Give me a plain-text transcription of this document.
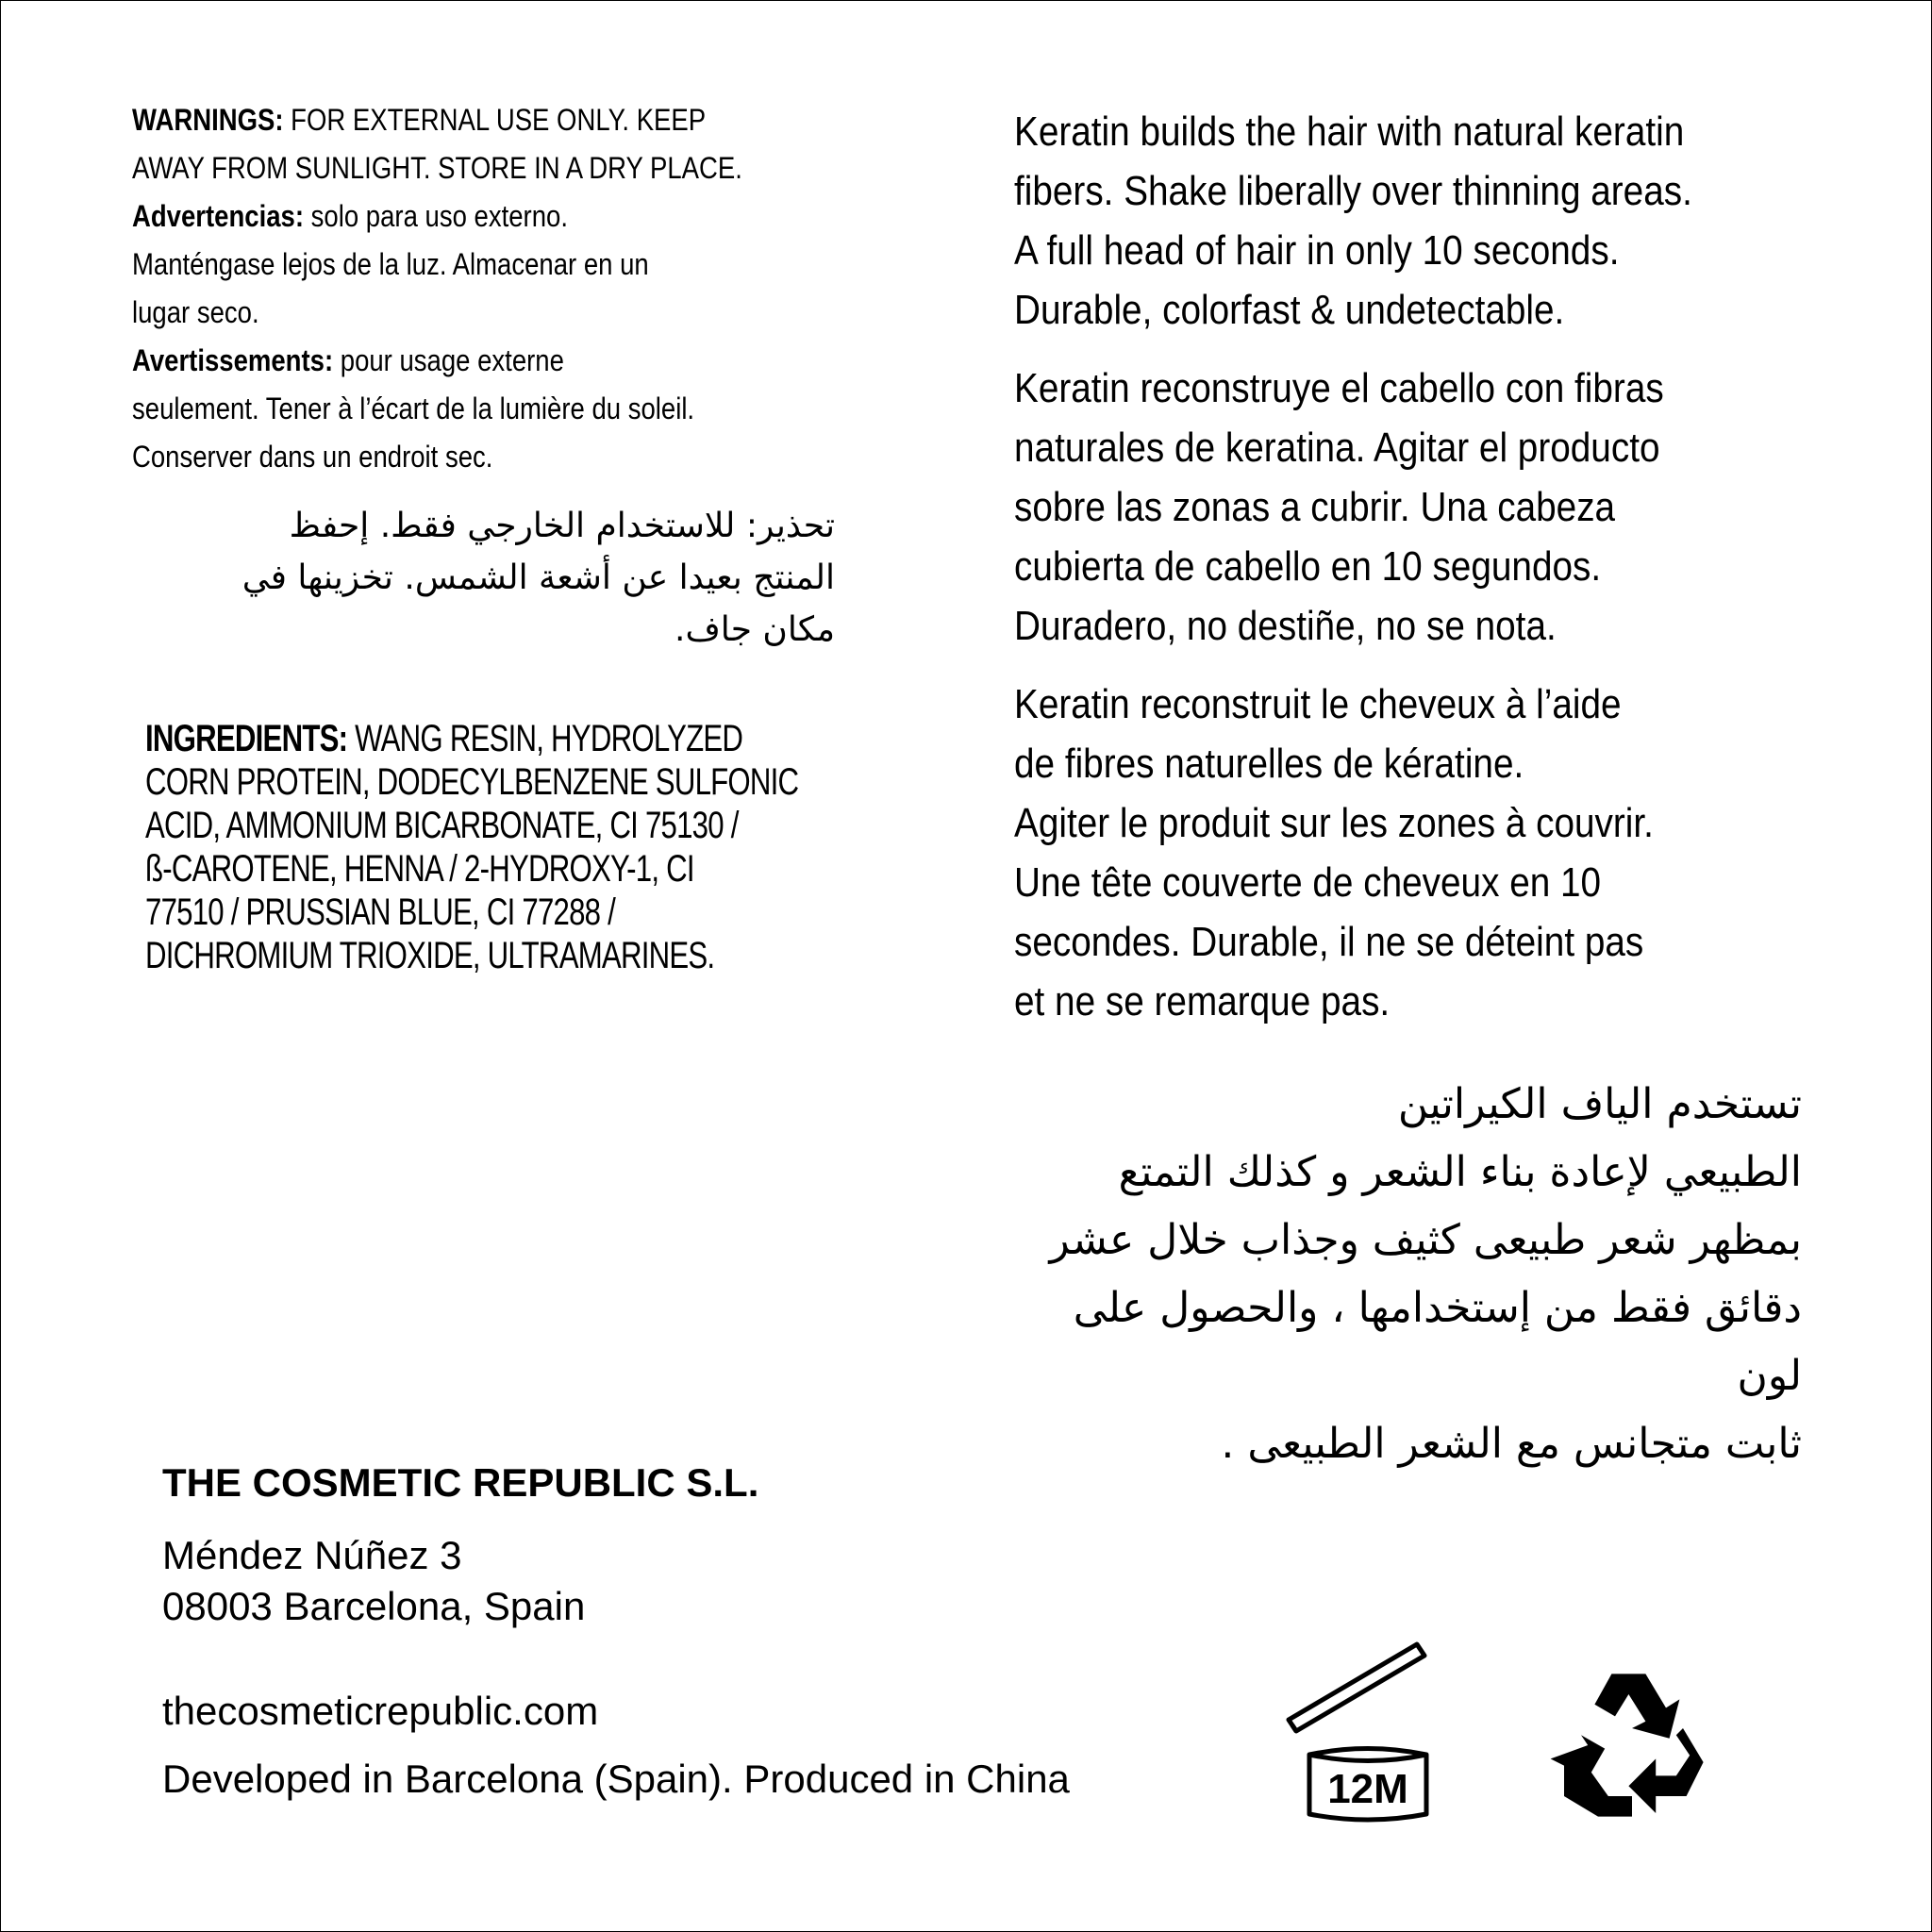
WARNINGS: FOR EXTERNAL USE ONLY. KEEP

AWAY FROM SUNLIGHT. STORE IN A DRY PLACE.

Advertencias: solo para uso externo.

Manténgase lejos de la luz. Almacenar en un

lugar seco.

Avertissements: pour usage externe

seulement. Tener à l’écart de la lumière du soleil.

Conserver dans un endroit sec.

تحذير: للاستخدام الخارجي فقط. إحفظ
المنتج بعيدا عن أشعة الشمس. تخزينها في
مكان جاف.
INGREDIENTS: WANG RESIN, HYDROLYZED
CORN PROTEIN, DODECYLBENZENE SULFONIC
ACID, AMMONIUM BICARBONATE, CI 75130 /
ß-CAROTENE, HENNA / 2-HYDROXY-1, CI
77510 / PRUSSIAN BLUE, CI 77288 /
DICHROMIUM TRIOXIDE, ULTRAMARINES.

Keratin builds the hair with natural keratin
fibers. Shake liberally over thinning areas.
A full head of hair in only 10 seconds.
Durable, colorfast & undetectable.

Keratin reconstruye el cabello con fibras
naturales de keratina. Agitar el producto
sobre las zonas a cubrir. Una cabeza
cubierta de cabello en 10 segundos.
Duradero, no destiñe, no se nota.

Keratin reconstruit le cheveux à l’aide
de fibres naturelles de kératine.
Agiter le produit sur les zones à couvrir.
Une tête couverte de cheveux en 10
secondes. Durable, il ne se déteint pas
et ne se remarque pas.

تستخدم الياف الكيراتين
الطبيعي لإعادة بناء الشعر و كذلك التمتع
بمظهر شعر طبيعى كثيف وجذاب خلال عشر
دقائق فقط من إستخدامها ، والحصول على لون
ثابت متجانس مع الشعر الطبيعى .
THE COSMETIC REPUBLIC S.L.
Méndez Núñez 3
08003 Barcelona, Spain
thecosmeticrepublic.com
Developed in Barcelona (Spain). Produced in China	12M
